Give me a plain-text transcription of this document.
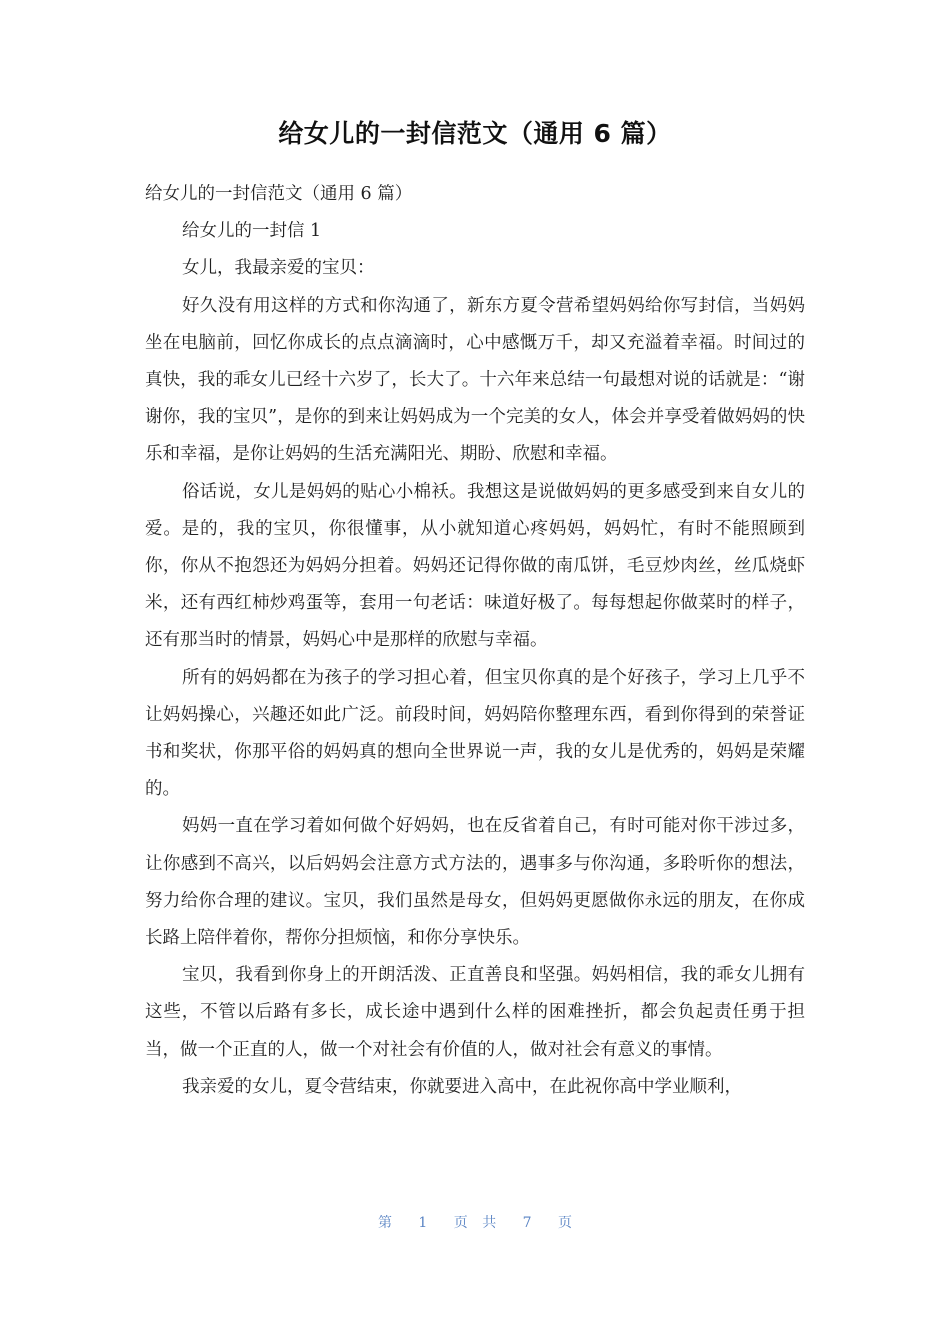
给女儿的一封信范文（通用 6 篇）

给女儿的一封信范文（通用 6 篇）

给女儿的一封信 1

女儿，我最亲爱的宝贝：

好久没有用这样的方式和你沟通了，新东方夏令营希望妈妈给你写封信，当妈妈坐在电脑前，回忆你成长的点点滴滴时，心中感慨万千，却又充溢着幸福。时间过的真快，我的乖女儿已经十六岁了，长大了。十六年来总结一句最想对说的话就是：“谢谢你，我的宝贝”，是你的到来让妈妈成为一个完美的女人，体会并享受着做妈妈的快乐和幸福，是你让妈妈的生活充满阳光、期盼、欣慰和幸福。

俗话说，女儿是妈妈的贴心小棉袄。我想这是说做妈妈的更多感受到来自女儿的爱。是的，我的宝贝，你很懂事，从小就知道心疼妈妈，妈妈忙，有时不能照顾到你，你从不抱怨还为妈妈分担着。妈妈还记得你做的南瓜饼，毛豆炒肉丝，丝瓜烧虾米，还有西红柿炒鸡蛋等，套用一句老话：味道好极了。每每想起你做菜时的样子，还有那当时的情景，妈妈心中是那样的欣慰与幸福。

所有的妈妈都在为孩子的学习担心着，但宝贝你真的是个好孩子，学习上几乎不让妈妈操心，兴趣还如此广泛。前段时间，妈妈陪你整理东西，看到你得到的荣誉证书和奖状，你那平俗的妈妈真的想向全世界说一声，我的女儿是优秀的，妈妈是荣耀的。

妈妈一直在学习着如何做个好妈妈，也在反省着自己，有时可能对你干涉过多，让你感到不高兴，以后妈妈会注意方式方法的，遇事多与你沟通，多聆听你的想法，努力给你合理的建议。宝贝，我们虽然是母女，但妈妈更愿做你永远的朋友，在你成长路上陪伴着你，帮你分担烦恼，和你分享快乐。

宝贝，我看到你身上的开朗活泼、正直善良和坚强。妈妈相信，我的乖女儿拥有这些，不管以后路有多长，成长途中遇到什么样的困难挫折，都会负起责任勇于担当，做一个正直的人，做一个对社会有价值的人，做对社会有意义的事情。

我亲爱的女儿，夏令营结束，你就要进入高中，在此祝你高中学业顺利，

第 1 页 共 7 页
